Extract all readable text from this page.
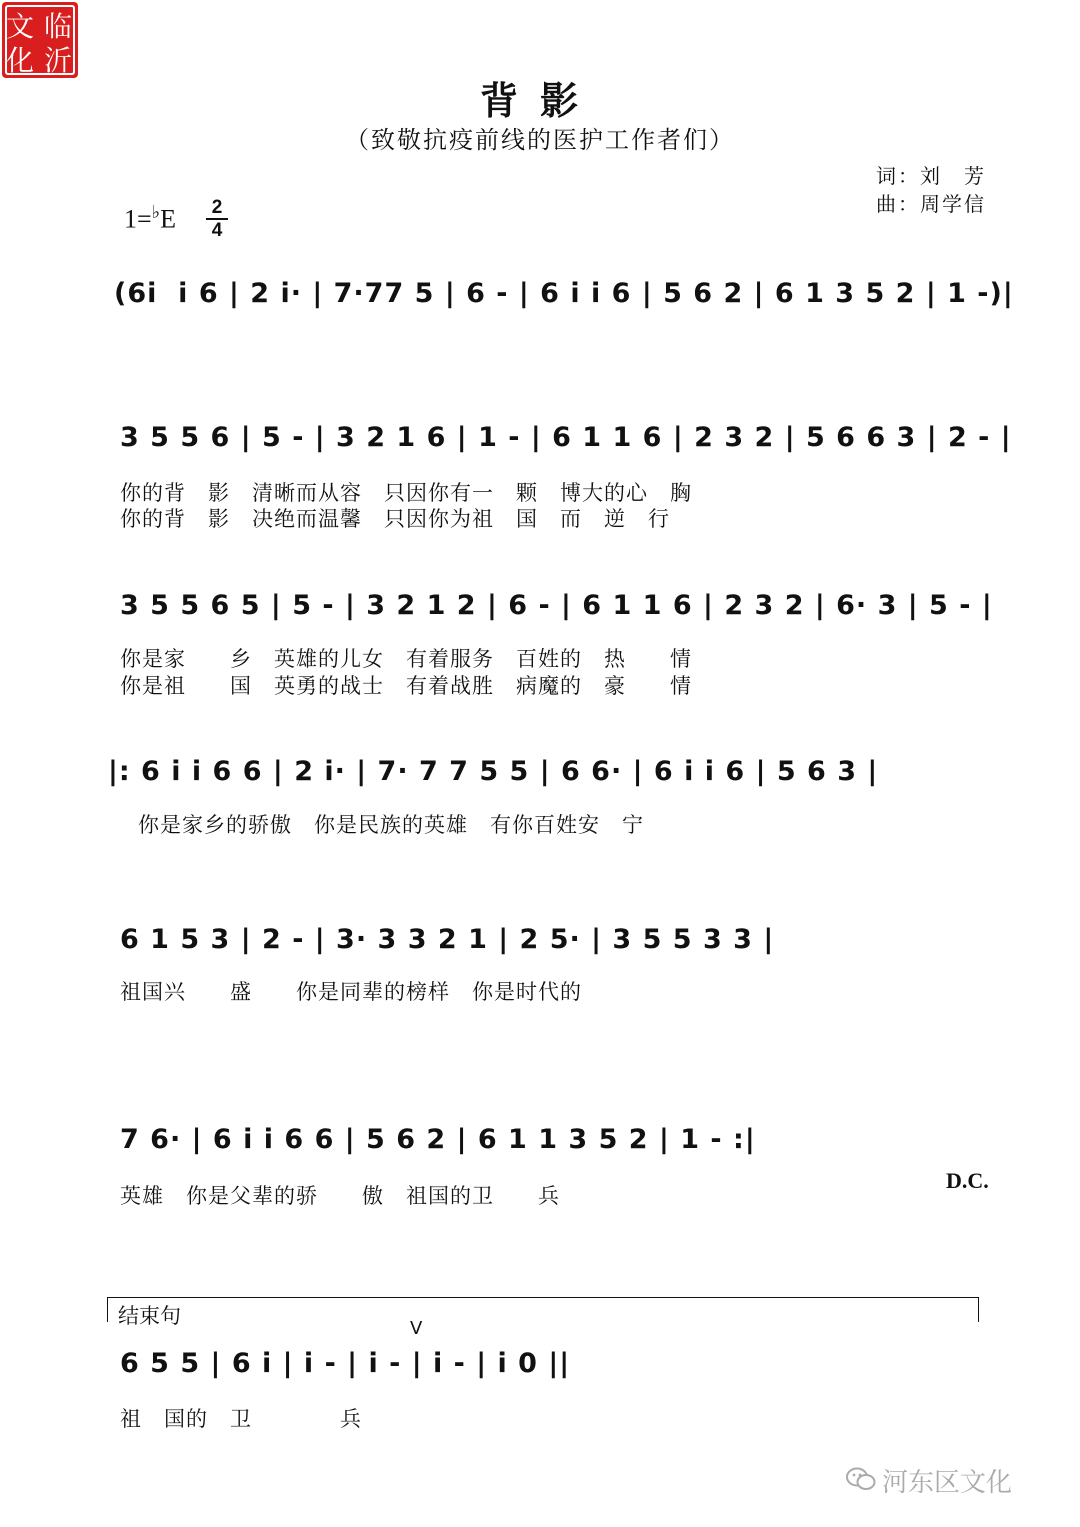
背影
（致敬抗疫前线的医护工作者们）
词：刘　芳
曲：周学信
1=♭E	2
4
(6i  i 6 | 2 i· | 7·77 5 | 6 - | 6 i i 6 | 5 6 2 | 6 1 3 5 2 | 1 -)|
3 5 5 6 | 5 - | 3 2 1 6 | 1 - | 6 1 1 6 | 2 3 2 | 5 6 6 3 | 2 - |
你的背　影　清晰而从容　只因你有一　颗　博大的心　胸
你的背　影　决绝而温馨　只因你为祖　国　而　逆　行
3 5 5 6 5 | 5 - | 3 2 1 2 | 6 - | 6 1 1 6 | 2 3 2 | 6· 3 | 5 - |
你是家　　乡　英雄的儿女　有着服务　百姓的　热　　情
你是祖　　国　英勇的战士　有着战胜　病魔的　豪　　情
|: 6 i i 6 6 | 2 i· | 7· 7 7 5 5 | 6 6· | 6 i i 6 | 5 6 3 |
你是家乡的骄傲　你是民族的英雄　有你百姓安　宁
6 1 5 3 | 2 - | 3· 3 3 2 1 | 2 5· | 3 5 5 3 3 |
祖国兴　　盛　　你是同辈的榜样　你是时代的
7 6· | 6 i i 6 6 | 5 6 2 | 6 1 1 3 5 2 | 1 - :|
英雄　你是父辈的骄　　傲　祖国的卫　　兵
D.C.
结束句
V
6 5 5 | 6 i | i - | i - | i - | i 0 ||
祖　国的　卫　　　　兵
河东区文化
文 临
化 沂
